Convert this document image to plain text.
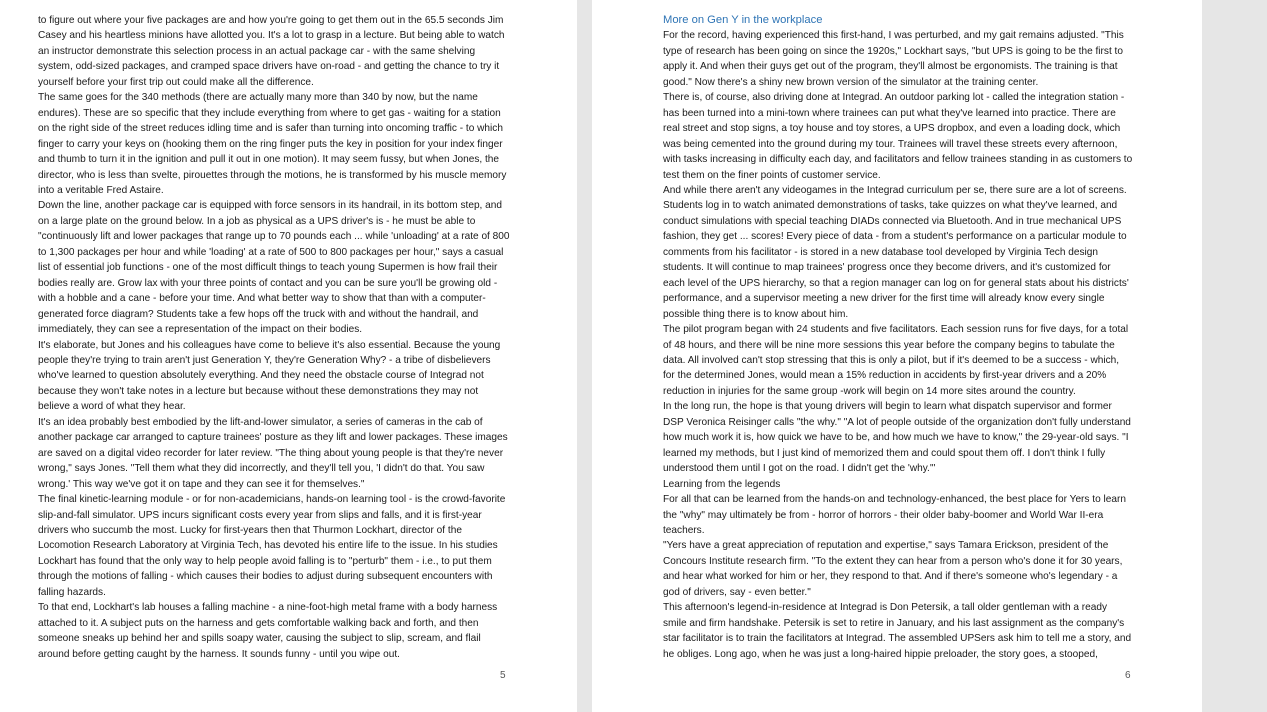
to figure out where your five packages are and how you're going to get them out in the 65.5 seconds Jim Casey and his heartless minions have allotted you. It's a lot to grasp in a lecture. But being able to watch an instructor demonstrate this selection process in an actual package car - with the same shelving system, odd-sized packages, and cramped space drivers have on-road - and getting the chance to try it yourself before your first trip out could make all the difference.

The same goes for the 340 methods (there are actually many more than 340 by now, but the name endures). These are so specific that they include everything from where to get gas - waiting for a station on the right side of the street reduces idling time and is safer than turning into oncoming traffic - to which finger to carry your keys on (hooking them on the ring finger puts the key in position for your index finger and thumb to turn it in the ignition and pull it out in one motion). It may seem fussy, but when Jones, the director, who is less than svelte, pirouettes through the motions, he is transformed by his muscle memory into a veritable Fred Astaire.

Down the line, another package car is equipped with force sensors in its handrail, in its bottom step, and on a large plate on the ground below. In a job as physical as a UPS driver's is - he must be able to "continuously lift and lower packages that range up to 70 pounds each ... while 'unloading' at a rate of 800 to 1,300 packages per hour and while 'loading' at a rate of 500 to 800 packages per hour," says a casual list of essential job functions - one of the most difficult things to teach young Supermen is how frail their bodies really are. Grow lax with your three points of contact and you can be sure you'll be growing old - with a hobble and a cane - before your time. And what better way to show that than with a computer-generated force diagram? Students take a few hops off the truck with and without the handrail, and immediately, they can see a representation of the impact on their bodies.

It's elaborate, but Jones and his colleagues have come to believe it's also essential. Because the young people they're trying to train aren't just Generation Y, they're Generation Why? - a tribe of disbelievers who've learned to question absolutely everything. And they need the obstacle course of Integrad not because they won't take notes in a lecture but because without these demonstrations they may not believe a word of what they hear.

It's an idea probably best embodied by the lift-and-lower simulator, a series of cameras in the cab of another package car arranged to capture trainees' posture as they lift and lower packages. These images are saved on a digital video recorder for later review. "The thing about young people is that they're never wrong," says Jones. "Tell them what they did incorrectly, and they'll tell you, 'I didn't do that. You saw wrong.' This way we've got it on tape and they can see it for themselves."

The final kinetic-learning module - or for non-academicians, hands-on learning tool - is the crowd-favorite slip-and-fall simulator. UPS incurs significant costs every year from slips and falls, and it is first-year drivers who succumb the most. Lucky for first-years then that Thurmon Lockhart, director of the Locomotion Research Laboratory at Virginia Tech, has devoted his entire life to the issue. In his studies Lockhart has found that the only way to help people avoid falling is to "perturb" them - i.e., to put them through the motions of falling - which causes their bodies to adjust during subsequent encounters with falling hazards.

To that end, Lockhart's lab houses a falling machine - a nine-foot-high metal frame with a body harness attached to it. A subject puts on the harness and gets comfortable walking back and forth, and then someone sneaks up behind her and spills soapy water, causing the subject to slip, scream, and flail around before getting caught by the harness. It sounds funny - until you wipe out.

5

More on Gen Y in the workplace

For the record, having experienced this first-hand, I was perturbed, and my gait remains adjusted. "This type of research has been going on since the 1920s," Lockhart says, "but UPS is going to be the first to apply it. And when their guys get out of the program, they'll almost be ergonomists. The training is that good." Now there's a shiny new brown version of the simulator at the training center.

There is, of course, also driving done at Integrad. An outdoor parking lot - called the integration station - has been turned into a mini-town where trainees can put what they've learned into practice. There are real street and stop signs, a toy house and toy stores, a UPS dropbox, and even a loading dock, which was being cemented into the ground during my tour. Trainees will travel these streets every afternoon, with tasks increasing in difficulty each day, and facilitators and fellow trainees standing in as customers to test them on the finer points of customer service.

And while there aren't any videogames in the Integrad curriculum per se, there sure are a lot of screens. Students log in to watch animated demonstrations of tasks, take quizzes on what they've learned, and conduct simulations with special teaching DIADs connected via Bluetooth. And in true mechanical UPS fashion, they get ... scores! Every piece of data - from a student's performance on a particular module to comments from his facilitator - is stored in a new database tool developed by Virginia Tech design students. It will continue to map trainees' progress once they become drivers, and it's customized for each level of the UPS hierarchy, so that a region manager can log on for general stats about his districts' performance, and a supervisor meeting a new driver for the first time will already know every single possible thing there is to know about him.

The pilot program began with 24 students and five facilitators. Each session runs for five days, for a total of 48 hours, and there will be nine more sessions this year before the company begins to tabulate the data. All involved can't stop stressing that this is only a pilot, but if it's deemed to be a success - which, for the determined Jones, would mean a 15% reduction in accidents by first-year drivers and a 20% reduction in injuries for the same group -work will begin on 14 more sites around the country.

In the long run, the hope is that young drivers will begin to learn what dispatch supervisor and former DSP Veronica Reisinger calls "the why." "A lot of people outside of the organization don't fully understand how much work it is, how quick we have to be, and how much we have to know," the 29-year-old says. "I learned my methods, but I just kind of memorized them and could spout them off. I don't think I fully understood them until I got on the road. I didn't get the 'why.'"

Learning from the legends

For all that can be learned from the hands-on and technology-enhanced, the best place for Yers to learn the "why" may ultimately be from - horror of horrors - their older baby-boomer and World War II-era teachers.

"Yers have a great appreciation of reputation and expertise," says Tamara Erickson, president of the Concours Institute research firm. "To the extent they can hear from a person who's done it for 30 years, and hear what worked for him or her, they respond to that. And if there's someone who's legendary - a god of drivers, say - even better."

This afternoon's legend-in-residence at Integrad is Don Petersik, a tall older gentleman with a ready smile and firm handshake. Petersik is set to retire in January, and his last assignment as the company's star facilitator is to train the facilitators at Integrad. The assembled UPSers ask him to tell me a story, and he obliges. Long ago, when he was just a long-haired hippie preloader, the story goes, a stooped,

6
